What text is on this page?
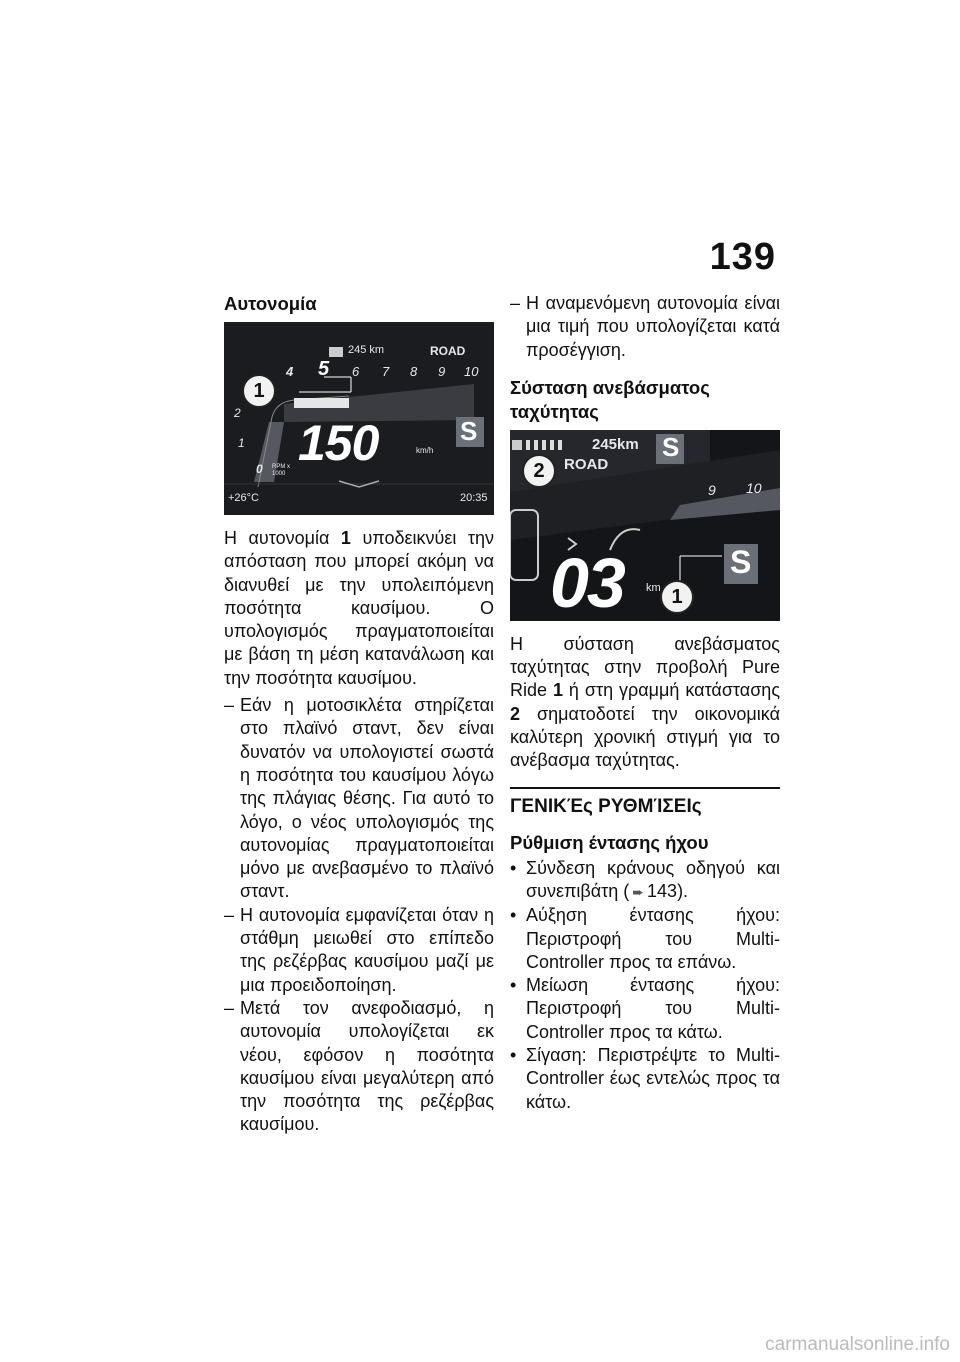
139
Αυτονομία
1
245 km	ROAD
4 5 6 7 8 9 10
2
1
0 RPM x 1000
150	km/h
S
+26°C	20:35

Η αυτονομία 1 υποδεικνύει την απόσταση που μπορεί ακόμη να διανυθεί με την υπολειπόμενη ποσότητα καυσίμου. Ο υπολογισμός πραγματοποιείται με βάση τη μέση κατανάλωση και την ποσότητα καυσίμου.

– Εάν η μοτοσικλέτα στηρίζεται στο πλαϊνό σταντ, δεν είναι δυνατόν να υπολογιστεί σωστά η ποσότητα του καυσίμου λόγω της πλάγιας θέσης. Για αυτό το λόγο, ο νέος υπολογισμός της αυτονομίας πραγματοποιείται μόνο με ανεβασμένο το πλαϊνό σταντ.
– Η αυτονομία εμφανίζεται όταν η στάθμη μειωθεί στο επίπεδο της ρεζέρβας καυσίμου μαζί με μια προειδοποίηση.
– Μετά τον ανεφοδιασμό, η αυτονομία υπολογίζεται εκ νέου, εφόσον η ποσότητα καυσίμου είναι μεγαλύτερη από την ποσότητα της ρεζέρβας καυσίμου.
– Η αναμενόμενη αυτονομία είναι μια τιμή που υπολογίζεται κατά προσέγγιση.
Σύσταση ανεβάσματος ταχύτητας
2
1
245km
ROAD
S
9 10
03 km
S

Η σύσταση ανεβάσματος ταχύτητας στην προβολή Pure Ride 1 ή στη γραμμή κατάστασης 2 σηματοδοτεί την οικονομικά καλύτερη χρονική στιγμή για το ανέβασμα ταχύτητας.

ΓΕΝΙΚΈς ΡΥΘΜΊΣΕΙς
Ρύθμιση έντασης ήχου
• Σύνδεση κράνους οδηγού και συνεπιβάτη ( ➨ 143).
• Αύξηση έντασης ήχου: Περιστροφή του Multi-Controller προς τα επάνω.
• Μείωση έντασης ήχου: Περιστροφή του Multi-Controller προς τα κάτω.
• Σίγαση: Περιστρέψτε το Multi-Controller έως εντελώς προς τα κάτω.
carmanualsonline.info
